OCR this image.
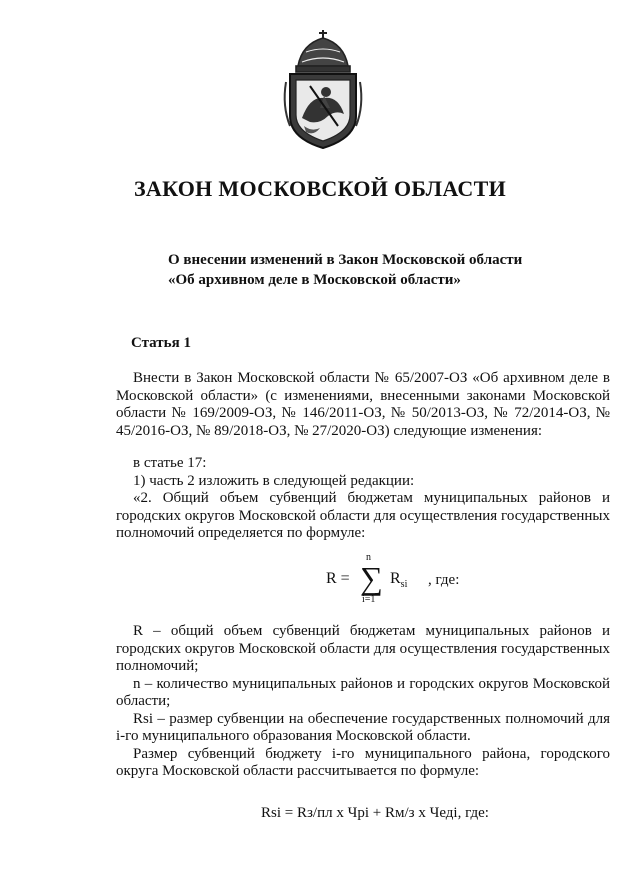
ЗАКОН МОСКОВСКОЙ ОБЛАСТИ
О внесении изменений в Закон Московской области
«Об архивном деле в Московской области»
Статья 1

Внести в Закон Московской области № 65/2007-ОЗ «Об архивном деле в Московской области» (с изменениями, внесенными законами Московской области № 169/2009-ОЗ, № 146/2011-ОЗ, № 50/2013-ОЗ, № 72/2014-ОЗ, № 45/2016-ОЗ, № 89/2018-ОЗ, № 27/2020-ОЗ) следующие изменения:

в статье 17:

1) часть 2 изложить в следующей редакции:

«2. Общий объем субвенций бюджетам муниципальных районов и городских округов Московской области для осуществления государственных полномочий определяется по формуле:

R =
n
∑
i=1
$R_{si}$ , где:

R – общий объем субвенций бюджетам муниципальных районов и городских округов Московской области для осуществления государственных полномочий;

n – количество муниципальных районов и городских округов Московской области;

Rsi – размер субвенции на обеспечение государственных полномочий для i-го муниципального образования Московской области.

Размер субвенций бюджету i-го муниципального района, городского округа Московской области рассчитывается по формуле:

Rsi = Rз/пл х Чрi + Rм/з х Чедi, где:
